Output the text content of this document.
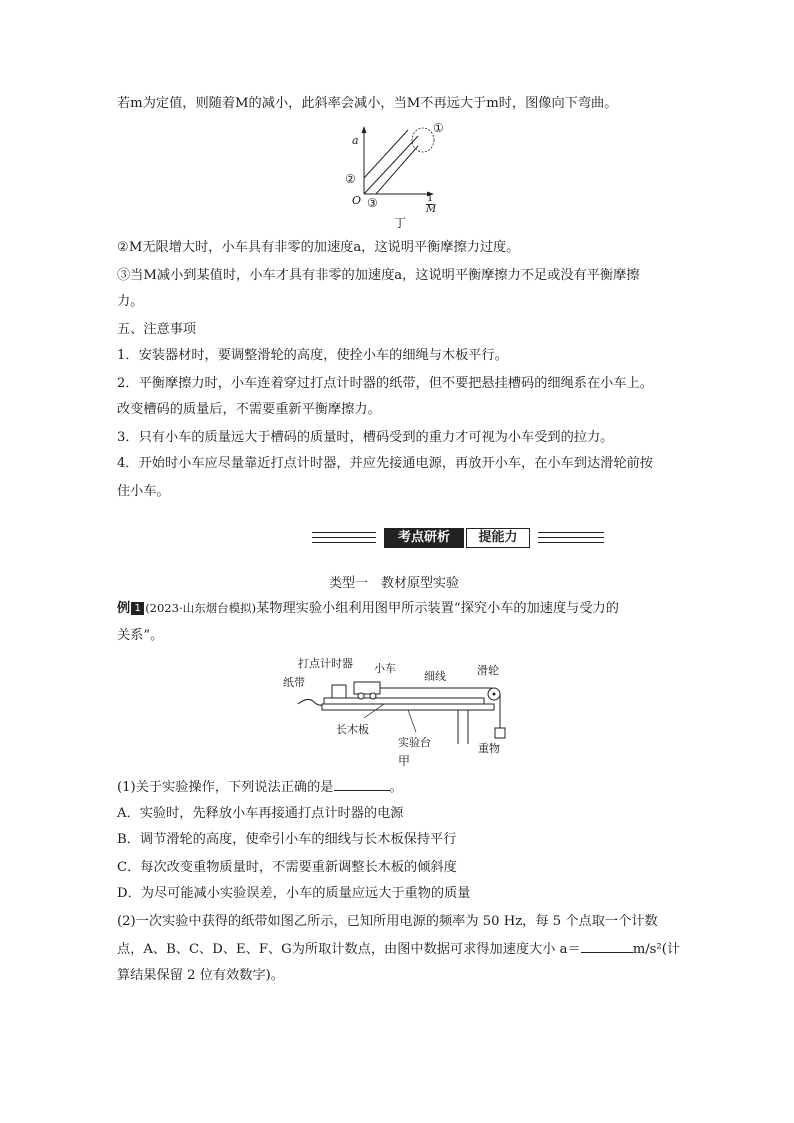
若m为定值，则随着M的减小，此斜率会减小，当M不再远大于m时，图像向下弯曲。
a
O
①
②
③	$\frac{1}{M}$
丁
②M无限增大时，小车具有非零的加速度a，这说明平衡摩擦力过度。
③当M减小到某值时，小车才具有非零的加速度a，这说明平衡摩擦力不足或没有平衡摩擦
力。
五、注意事项
1．安装器材时，要调整滑轮的高度，使拴小车的细绳与木板平行。
2．平衡摩擦力时，小车连着穿过打点计时器的纸带，但不要把悬挂槽码的细绳系在小车上。
改变槽码的质量后，不需要重新平衡摩擦力。
3．只有小车的质量远大于槽码的质量时，槽码受到的重力才可视为小车受到的拉力。
4．开始时小车应尽量靠近打点计时器，并应先接通电源，再放开小车，在小车到达滑轮前按
住小车。
考点研析	提能力
类型一　教材原型实验
例 1 (2023·山东烟台模拟)某物理实验小组利用图甲所示装置“探究小车的加速度与受力的
关系”。
打点计时器 小车
细线	滑轮
纸带
长木板
实验台	重物
甲
(1)关于实验操作，下列说法正确的是	。
A．实验时，先释放小车再接通打点计时器的电源
B．调节滑轮的高度，使牵引小车的细线与长木板保持平行
C．每次改变重物质量时，不需要重新调整长木板的倾斜度
D．为尽可能减小实验误差，小车的质量应远大于重物的质量
(2)一次实验中获得的纸带如图乙所示，已知所用电源的频率为 50 Hz，每 5 个点取一个计数
点，A、B、C、D、E、F、G为所取计数点，由图中数据可求得加速度大小 a＝	m/s²(计
算结果保留 2 位有效数字)。
